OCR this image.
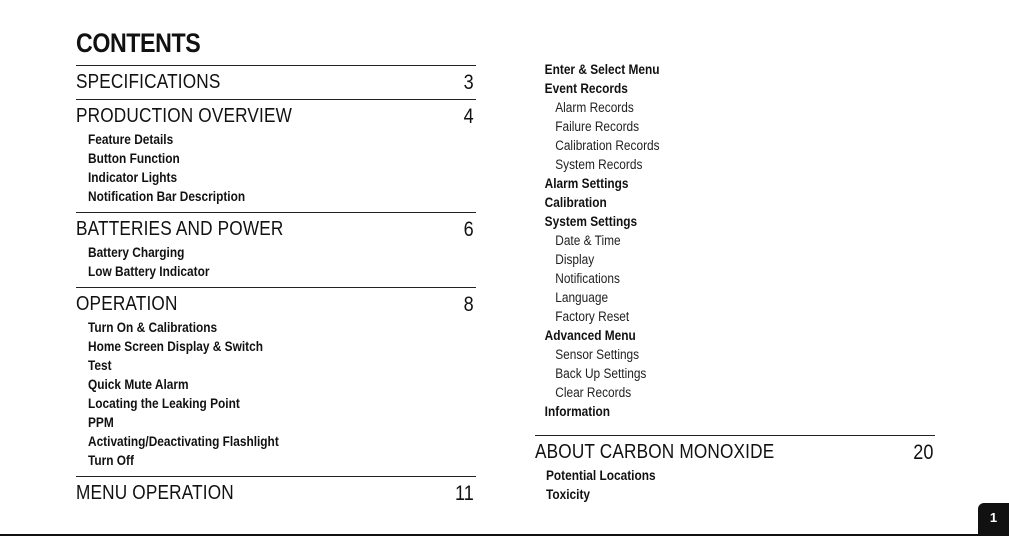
CONTENTS
SPECIFICATIONS	3
PRODUCTION OVERVIEW	4
Feature Details
Button Function
Indicator Lights
Notification Bar Description
BATTERIES AND POWER	6
Battery Charging
Low Battery Indicator
OPERATION	8
Turn On & Calibrations
Home Screen Display & Switch
Test
Quick Mute Alarm
Locating the Leaking Point
PPM
Activating/Deactivating Flashlight
Turn Off
MENU OPERATION	11
Enter & Select Menu
Event Records
Alarm Records
Failure Records
Calibration Records
System Records
Alarm Settings
Calibration
System Settings
Date & Time
Display
Notifications
Language
Factory Reset
Advanced Menu
Sensor Settings
Back Up Settings
Clear Records
Information
ABOUT CARBON MONOXIDE	20
Potential Locations
Toxicity
1
